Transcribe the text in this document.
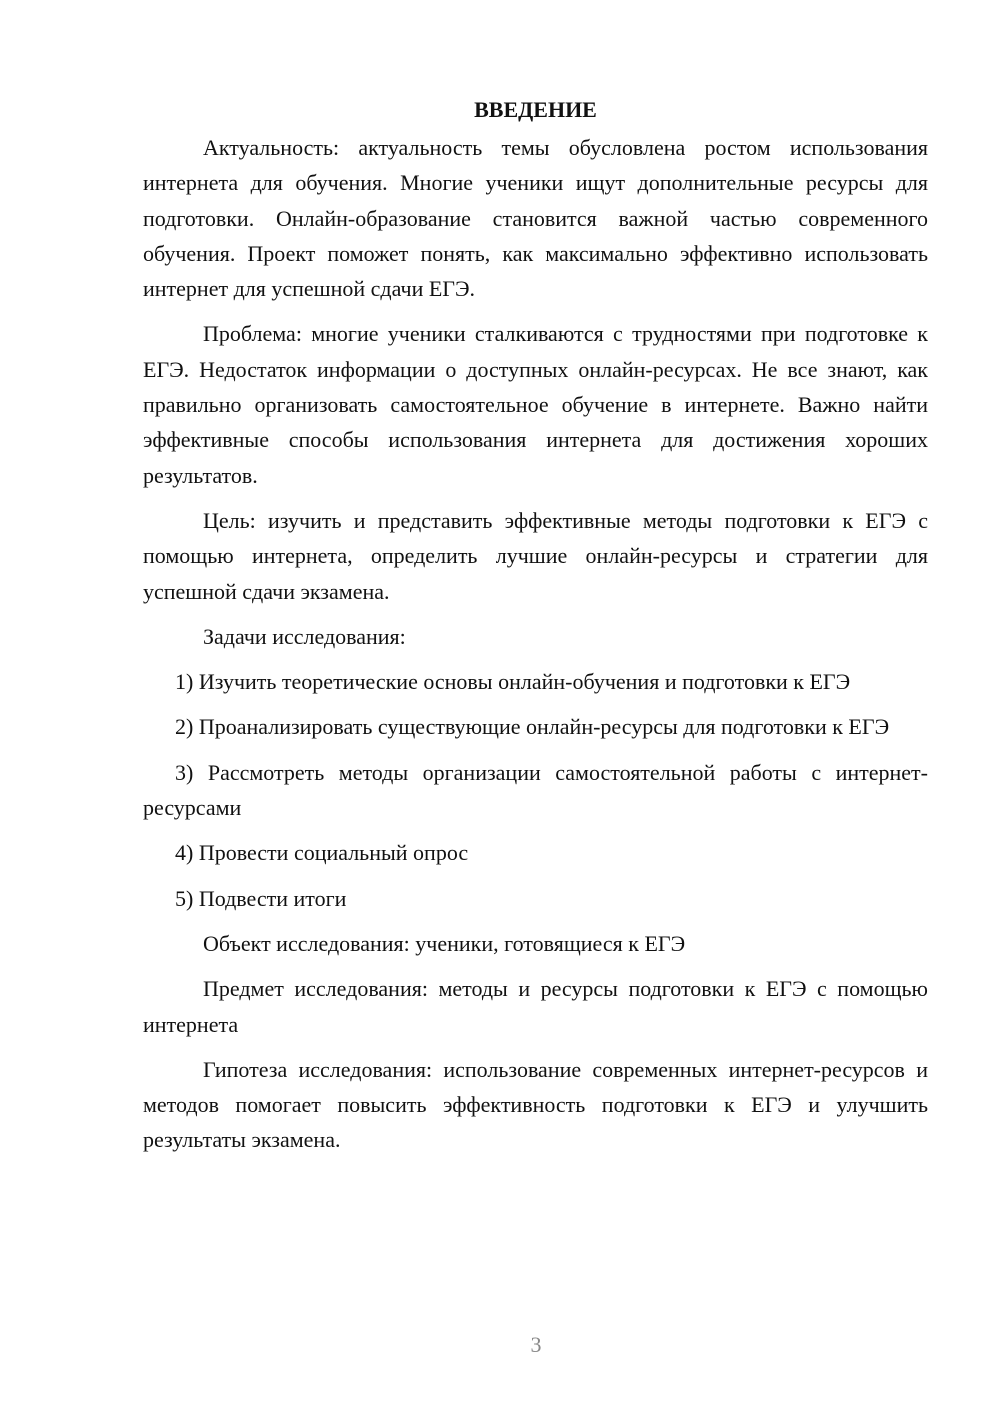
ВВЕДЕНИЕ

Актуальность: актуальность темы обусловлена ростом использования интернета для обучения. Многие ученики ищут дополнительные ресурсы для подготовки. Онлайн-образование становится важной частью современного обучения. Проект поможет понять, как максимально эффективно использовать интернет для успешной сдачи ЕГЭ.

Проблема: многие ученики сталкиваются с трудностями при подготовке к ЕГЭ. Недостаток информации о доступных онлайн-ресурсах. Не все знают, как правильно организовать самостоятельное обучение в интернете. Важно найти эффективные способы использования интернета для достижения хороших результатов.

Цель: изучить и представить эффективные методы подготовки к ЕГЭ с помощью интернета, определить лучшие онлайн-ресурсы и стратегии для успешной сдачи экзамена.

Задачи исследования:

1) Изучить теоретические основы онлайн-обучения и подготовки к ЕГЭ

2) Проанализировать существующие онлайн-ресурсы для подготовки к ЕГЭ

3) Рассмотреть методы организации самостоятельной работы с интернет-ресурсами

4) Провести социальный опрос

5) Подвести итоги

Объект исследования: ученики, готовящиеся к ЕГЭ

Предмет исследования: методы и ресурсы подготовки к ЕГЭ с помощью интернета

Гипотеза исследования: использование современных интернет-ресурсов и методов помогает повысить эффективность подготовки к ЕГЭ и улучшить результаты экзамена.

3
